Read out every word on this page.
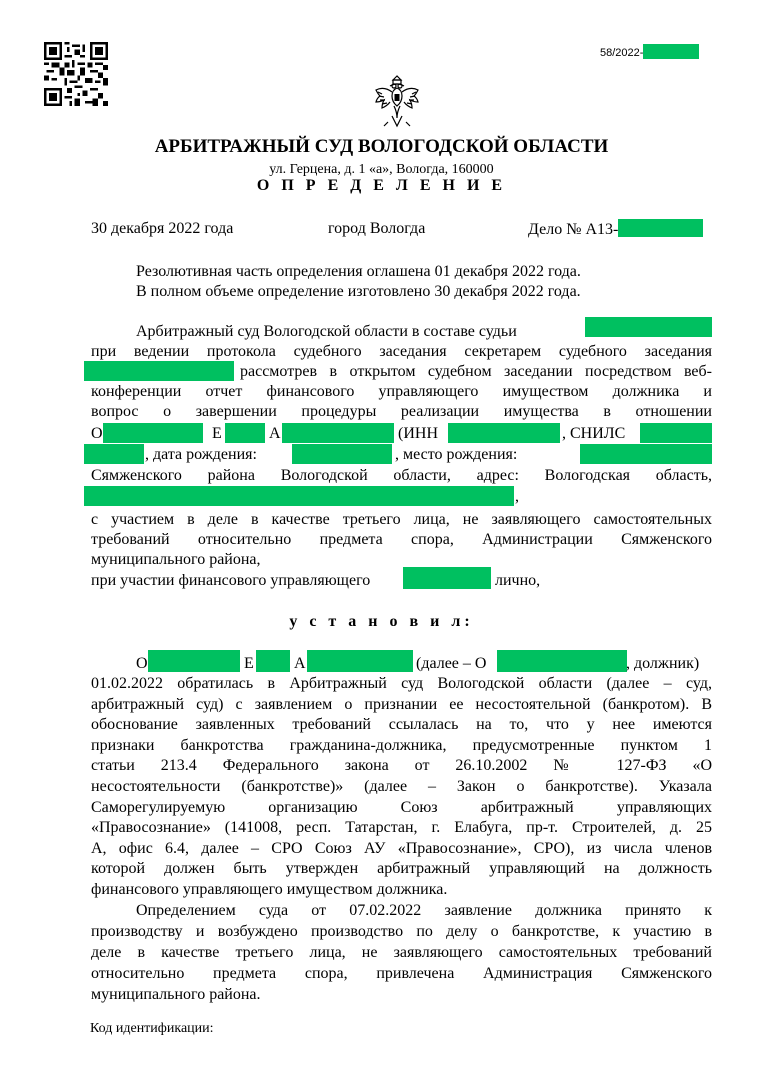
58/2022-
АРБИТРАЖНЫЙ СУД ВОЛОГОДСКОЙ ОБЛАСТИ
ул. Герцена, д. 1 «а», Вологда, 160000
О П Р Е Д Е Л Е Н И Е
30 декабря 2022 года	город Вологда	Дело № А13-
Резолютивная часть определения оглашена 01 декабря 2022 года.
В полном объеме определение изготовлено 30 декабря 2022 года.
Арбитражный суд Вологодской области в составе судьи
при ведении протокола судебного заседания секретарем судебного заседания
рассмотрев в открытом судебном заседании посредством веб-
конференции отчет финансового управляющего имуществом должника и
вопрос о завершении процедуры реализации имущества в отношении
О	Е	А	(ИНН	, СНИЛС
, дата рождения:	, место рождения:
Сямженского района Вологодской области, адрес: Вологодская область,
,
с участием в деле в качестве третьего лица, не заявляющего самостоятельных
требований относительно предмета спора, Администрации Сямженского
муниципального района,
при участии финансового управляющего	лично,
у с т а н о в и л:
О	Е	А	(далее – О	, должник)
01.02.2022 обратилась в Арбитражный суд Вологодской области (далее – суд,
арбитражный суд) с заявлением о признании ее несостоятельной (банкротом). В
обоснование заявленных требований ссылалась на то, что у нее имеются
признаки банкротства гражданина-должника, предусмотренные пунктом 1
статьи 213.4 Федерального закона от 26.10.2002 № 127-ФЗ «О
несостоятельности (банкротстве)» (далее – Закон о банкротстве). Указала
Саморегулируемую организацию Союз арбитражный управляющих
«Правосознание» (141008, респ. Татарстан, г. Елабуга, пр-т. Строителей, д. 25
А, офис 6.4, далее – СРО Союз АУ «Правосознание», СРО), из числа членов
которой должен быть утвержден арбитражный управляющий на должность
финансового управляющего имуществом должника.
Определением суда от 07.02.2022 заявление должника принято к
производству и возбуждено производство по делу о банкротстве, к участию в
деле в качестве третьего лица, не заявляющего самостоятельных требований
относительно предмета спора, привлечена Администрация Сямженского
муниципального района.
Код идентификации:
